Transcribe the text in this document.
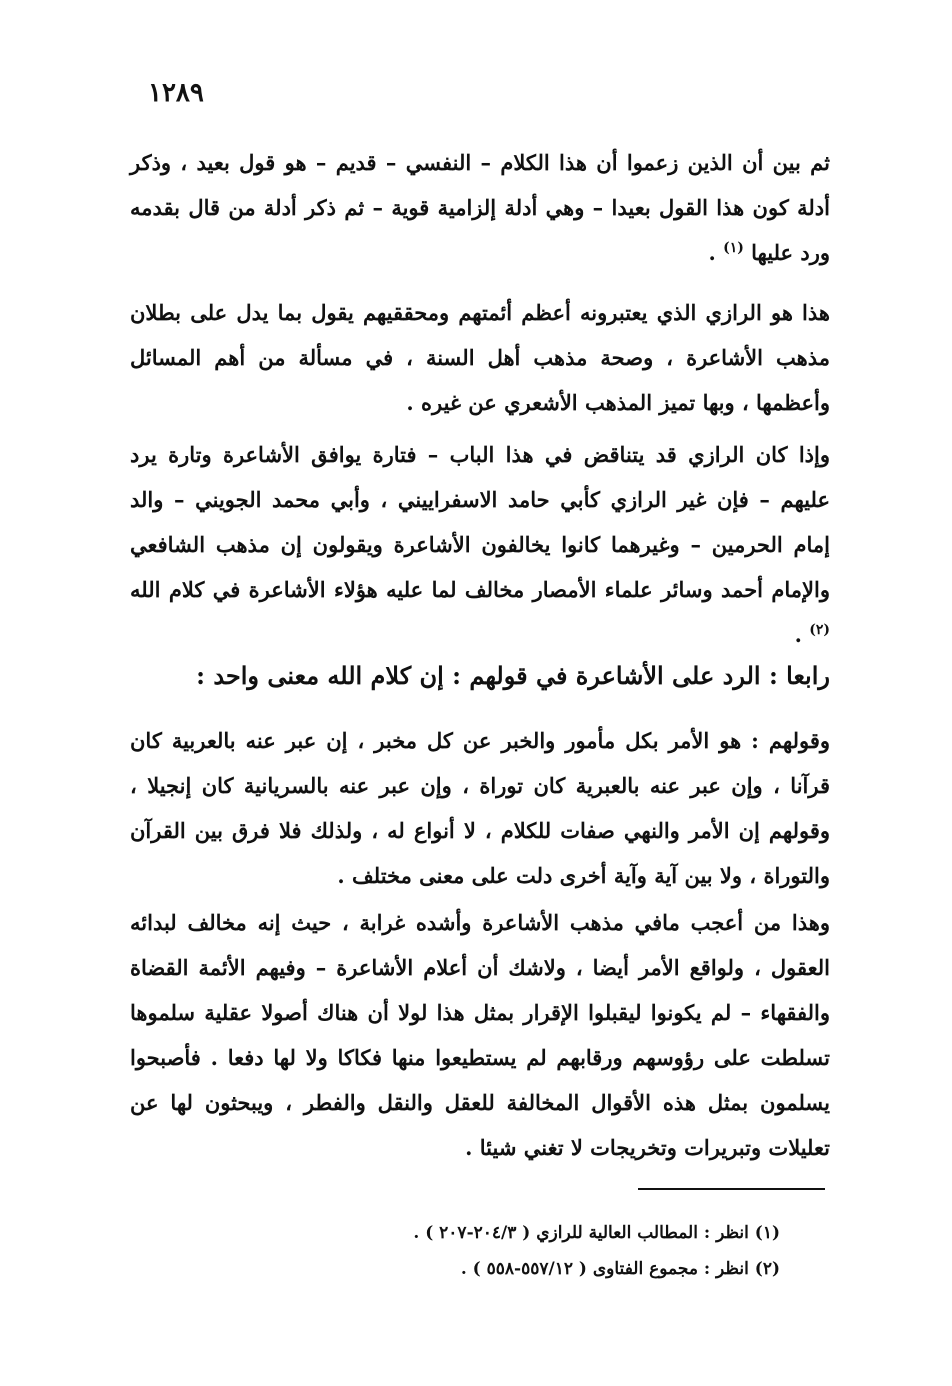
١٢٨٩

ثم بين أن الذين زعموا أن هذا الكلام – النفسي – قديم – هو قول بعيد ، وذكر أدلة كون هذا القول بعيدا – وهي أدلة إلزامية قوية – ثم ذكر أدلة من قال بقدمه ورد عليها $^{(١)}$ .

هذا هو الرازي الذي يعتبرونه أعظم أئمتهم ومحققيهم يقول بما يدل على بطلان مذهب الأشاعرة ، وصحة مذهب أهل السنة ، في مسألة من أهم المسائل وأعظمها ، وبها تميز المذهب الأشعري عن غيره .

وإذا كان الرازي قد يتناقض في هذا الباب – فتارة يوافق الأشاعرة وتارة يرد عليهم – فإن غير الرازي كأبي حامد الاسفراييني ، وأبي محمد الجويني – والد إمام الحرمين – وغيرهما كانوا يخالفون الأشاعرة ويقولون إن مذهب الشافعي والإمام أحمد وسائر علماء الأمصار مخالف لما عليه هؤلاء الأشاعرة في كلام الله $^{(٢)}$ .

رابعا : الرد على الأشاعرة في قولهم : إن كلام الله معنى واحد :

وقولهم : هو الأمر بكل مأمور والخبر عن كل مخبر ، إن عبر عنه بالعربية كان قرآنا ، وإن عبر عنه بالعبرية كان توراة ، وإن عبر عنه بالسريانية كان إنجيلا ، وقولهم إن الأمر والنهي صفات للكلام ، لا أنواع له ، ولذلك فلا فرق بين القرآن والتوراة ، ولا بين آية وآية أخرى دلت على معنى مختلف .

وهذا من أعجب مافي مذهب الأشاعرة وأشده غرابة ، حيث إنه مخالف لبدائه العقول ، ولواقع الأمر أيضا ، ولاشك أن أعلام الأشاعرة – وفيهم الأئمة القضاة والفقهاء – لم يكونوا ليقبلوا الإقرار بمثل هذا لولا أن هناك أصولا عقلية سلموها تسلطت على رؤوسهم ورقابهم لم يستطيعوا منها فكاكا ولا لها دفعا . فأصبحوا يسلمون بمثل هذه الأقوال المخالفة للعقل والنقل والفطر ، ويبحثون لها عن تعليلات وتبريرات وتخريجات لا تغني شيئا .

(١) انظر : المطالب العالية للرازي ( ٢٠٤/٣-٢٠٧ ) .
(٢) انظر : مجموع الفتاوى ( ٥٥٧/١٢-٥٥٨ ) .
